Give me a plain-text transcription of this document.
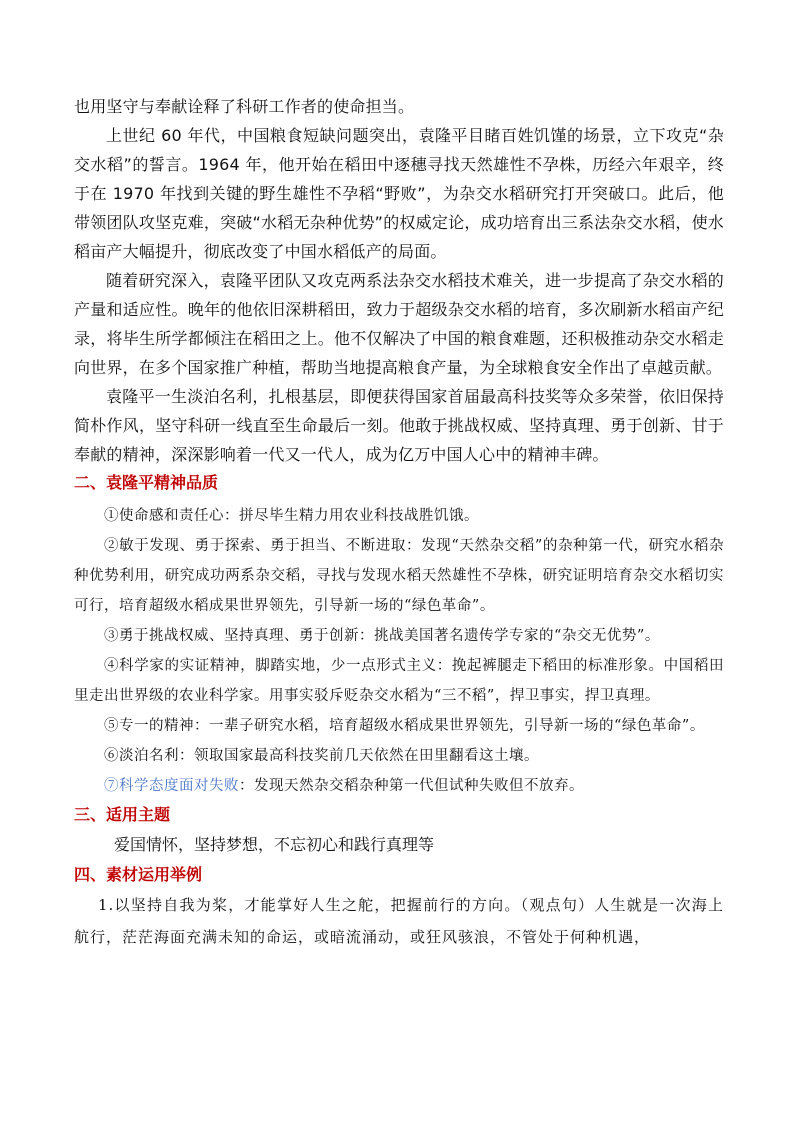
也用坚守与奉献诠释了科研工作者的使命担当。

上世纪 60 年代，中国粮食短缺问题突出，袁隆平目睹百姓饥馑的场景，立下攻克“杂交水稻”的誓言。1964 年，他开始在稻田中逐穗寻找天然雄性不孕株，历经六年艰辛，终于在 1970 年找到关键的野生雄性不孕稻“野败”，为杂交水稻研究打开突破口。此后，他带领团队攻坚克难，突破“水稻无杂种优势”的权威定论，成功培育出三系法杂交水稻，使水稻亩产大幅提升，彻底改变了中国水稻低产的局面。

随着研究深入，袁隆平团队又攻克两系法杂交水稻技术难关，进一步提高了杂交水稻的产量和适应性。晚年的他依旧深耕稻田，致力于超级杂交水稻的培育，多次刷新水稻亩产纪录，将毕生所学都倾注在稻田之上。他不仅解决了中国的粮食难题，还积极推动杂交水稻走向世界，在多个国家推广种植，帮助当地提高粮食产量，为全球粮食安全作出了卓越贡献。

袁隆平一生淡泊名利，扎根基层，即便获得国家首届最高科技奖等众多荣誉，依旧保持简朴作风，坚守科研一线直至生命最后一刻。他敢于挑战权威、坚持真理、勇于创新、甘于奉献的精神，深深影响着一代又一代人，成为亿万中国人心中的精神丰碑。

二、袁隆平精神品质

①使命感和责任心：拼尽毕生精力用农业科技战胜饥饿。

②敏于发现、勇于探索、勇于担当、不断进取：发现“天然杂交稻”的杂种第一代，研究水稻杂种优势利用，研究成功两系杂交稻，寻找与发现水稻天然雄性不孕株，研究证明培育杂交水稻切实可行，培育超级水稻成果世界领先，引导新一场的“绿色革命”。

③勇于挑战权威、坚持真理、勇于创新：挑战美国著名遗传学专家的“杂交无优势”。

④科学家的实证精神，脚踏实地，少一点形式主义：挽起裤腿走下稻田的标准形象。中国稻田里走出世界级的农业科学家。用事实驳斥贬杂交水稻为“三不稻”，捍卫事实，捍卫真理。

⑤专一的精神：一辈子研究水稻，培育超级水稻成果世界领先，引导新一场的“绿色革命”。

⑥淡泊名利：领取国家最高科技奖前几天依然在田里翻看这土壤。

⑦科学态度面对失败：发现天然杂交稻杂种第一代但试种失败但不放弃。

三、适用主题

爱国情怀，坚持梦想，不忘初心和践行真理等

四、素材运用举例

1.以坚持自我为桨，才能掌好人生之舵，把握前行的方向。（观点句）人生就是一次海上航行，茫茫海面充满未知的命运，或暗流涌动，或狂风骇浪，不管处于何种机遇，
